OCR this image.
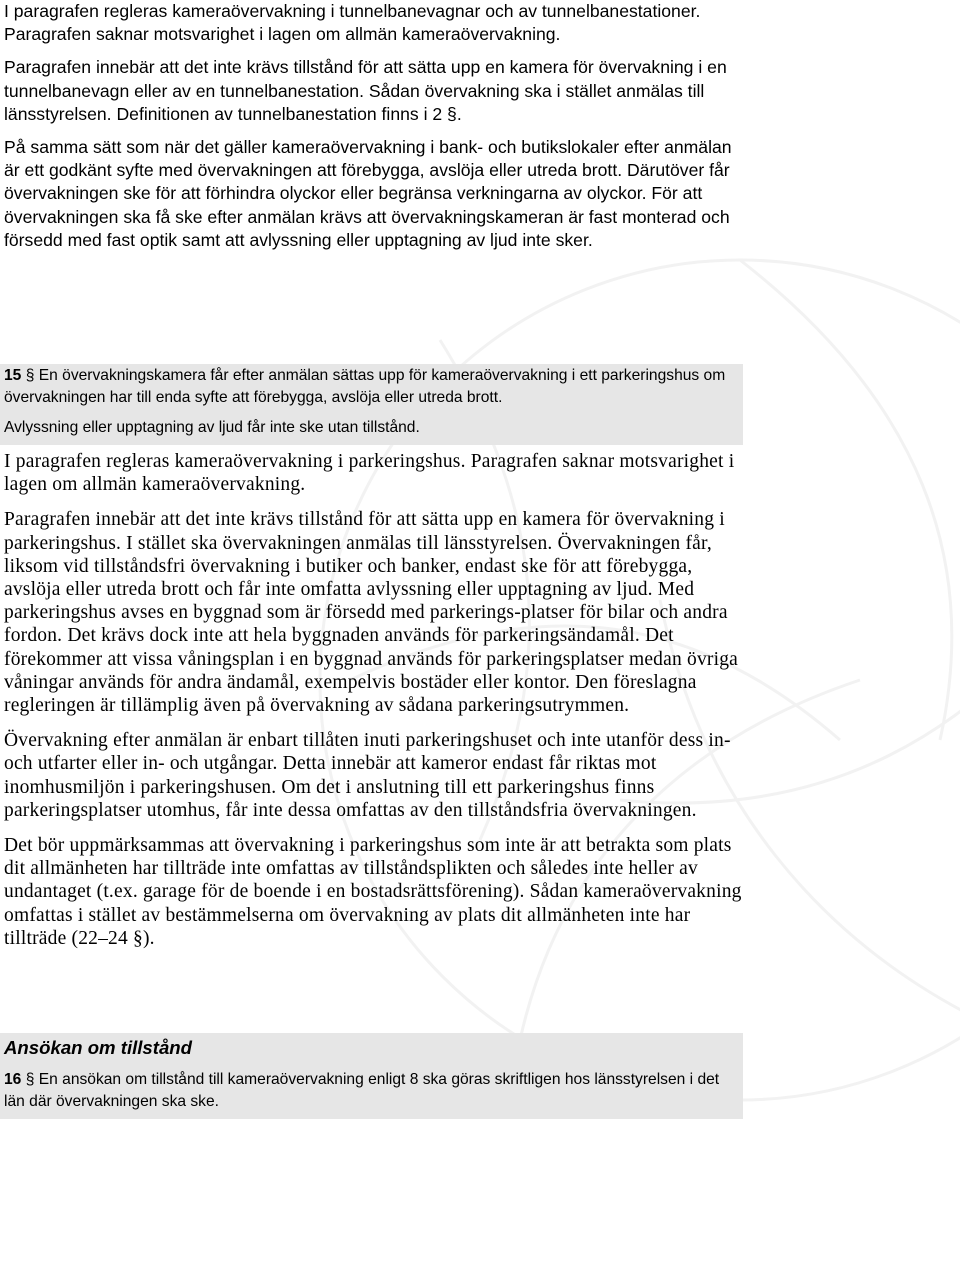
I paragrafen regleras kameraövervakning i tunnelbanevagnar och av tunnelbanestationer. Paragrafen saknar motsvarighet i lagen om allmän kameraövervakning.

Paragrafen innebär att det inte krävs tillstånd för att sätta upp en kamera för övervakning i en tunnelbanevagn eller av en tunnelbanestation. Sådan övervakning ska i stället anmälas till länsstyrelsen. Definitionen av tunnelbanestation finns i 2 §.

På samma sätt som när det gäller kameraövervakning i bank- och butikslokaler efter anmälan är ett godkänt syfte med övervakningen att förebygga, avslöja eller utreda brott. Därutöver får övervakningen ske för att förhindra olyckor eller begränsa verkningarna av olyckor. För att övervakningen ska få ske efter anmälan krävs att övervakningskameran är fast monterad och försedd med fast optik samt att avlyssning eller upptagning av ljud inte sker.

15 § En övervakningskamera får efter anmälan sättas upp för kameraövervakning i ett parkeringshus om övervakningen har till enda syfte att förebygga, avslöja eller utreda brott.

Avlyssning eller upptagning av ljud får inte ske utan tillstånd.

I paragrafen regleras kameraövervakning i parkeringshus. Paragrafen saknar motsvarighet i lagen om allmän kameraövervakning.

Paragrafen innebär att det inte krävs tillstånd för att sätta upp en kamera för övervakning i parkeringshus. I stället ska övervakningen anmälas till länsstyrelsen. Övervakningen får, liksom vid tillståndsfri övervakning i butiker och banker, endast ske för att förebygga, avslöja eller utreda brott och får inte omfatta avlyssning eller upptagning av ljud. Med parkeringshus avses en byggnad som är försedd med parkerings-platser för bilar och andra fordon. Det krävs dock inte att hela byggnaden används för parkeringsändamål. Det förekommer att vissa våningsplan i en byggnad används för parkeringsplatser medan övriga våningar används för andra ändamål, exempelvis bostäder eller kontor. Den föreslagna regleringen är tillämplig även på övervakning av sådana parkeringsutrymmen.

Övervakning efter anmälan är enbart tillåten inuti parkeringshuset och inte utanför dess in- och utfarter eller in- och utgångar. Detta innebär att kameror endast får riktas mot inomhusmiljön i parkeringshusen. Om det i anslutning till ett parkeringshus finns parkeringsplatser utomhus, får inte dessa omfattas av den tillståndsfria övervakningen.

Det bör uppmärksammas att övervakning i parkeringshus som inte är att betrakta som plats dit allmänheten har tillträde inte omfattas av tillståndsplikten och således inte heller av undantaget (t.ex. garage för de boende i en bostadsrättsförening). Sådan kameraövervakning omfattas i stället av bestämmelserna om övervakning av plats dit allmänheten inte har tillträde (22–24 §).

Ansökan om tillstånd

16 § En ansökan om tillstånd till kameraövervakning enligt 8 ska göras skriftligen hos länsstyrelsen i det län där övervakningen ska ske.
